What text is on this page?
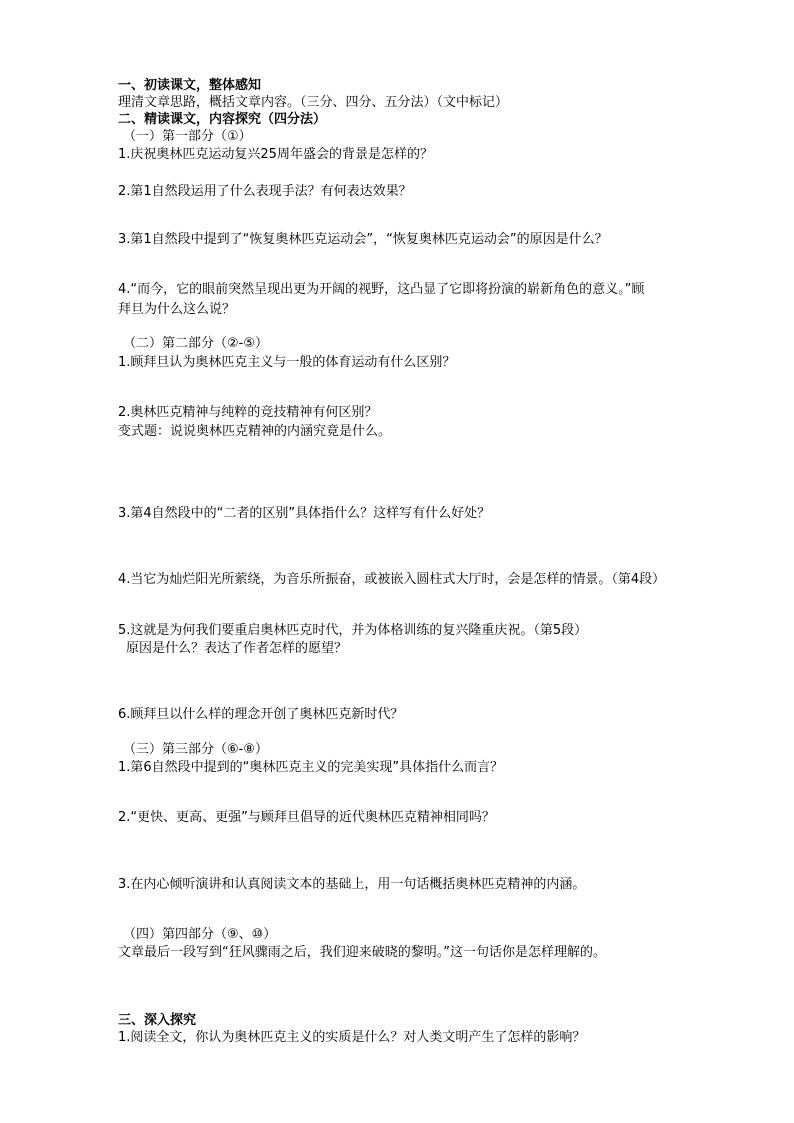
一、初读课文，整体感知
理清文章思路，概括文章内容。（三分、四分、五分法）（文中标记）
二、精读课文，内容探究（四分法）
（一）第一部分（①）
1.庆祝奥林匹克运动复兴25周年盛会的背景是怎样的？
2.第1自然段运用了什么表现手法？有何表达效果？
3.第1自然段中提到了“恢复奥林匹克运动会”，“恢复奥林匹克运动会”的原因是什么？
4.“而今，它的眼前突然呈现出更为开阔的视野，这凸显了它即将扮演的崭新角色的意义。”顾
拜旦为什么这么说？
（二）第二部分（②-⑤）
1.顾拜旦认为奥林匹克主义与一般的体育运动有什么区别？
2.奥林匹克精神与纯粹的竞技精神有何区别？
变式题：说说奥林匹克精神的内涵究竟是什么。
3.第4自然段中的“二者的区别”具体指什么？这样写有什么好处？
4.当它为灿烂阳光所萦绕，为音乐所振奋，或被嵌入圆柱式大厅时，会是怎样的情景。（第4段）
5.这就是为何我们要重启奥林匹克时代，并为体格训练的复兴隆重庆祝。（第5段）
原因是什么？表达了作者怎样的愿望？
6.顾拜旦以什么样的理念开创了奥林匹克新时代？
（三）第三部分（⑥-⑧）
1.第6自然段中提到的“奥林匹克主义的完美实现”具体指什么而言？
2.“更快、更高、更强”与顾拜旦倡导的近代奥林匹克精神相同吗？
3.在内心倾听演讲和认真阅读文本的基础上，用一句话概括奥林匹克精神的内涵。
（四）第四部分（⑨、⑩）
文章最后一段写到“狂风骤雨之后，我们迎来破晓的黎明。”这一句话你是怎样理解的。
三、深入探究
1.阅读全文，你认为奥林匹克主义的实质是什么？对人类文明产生了怎样的影响？
